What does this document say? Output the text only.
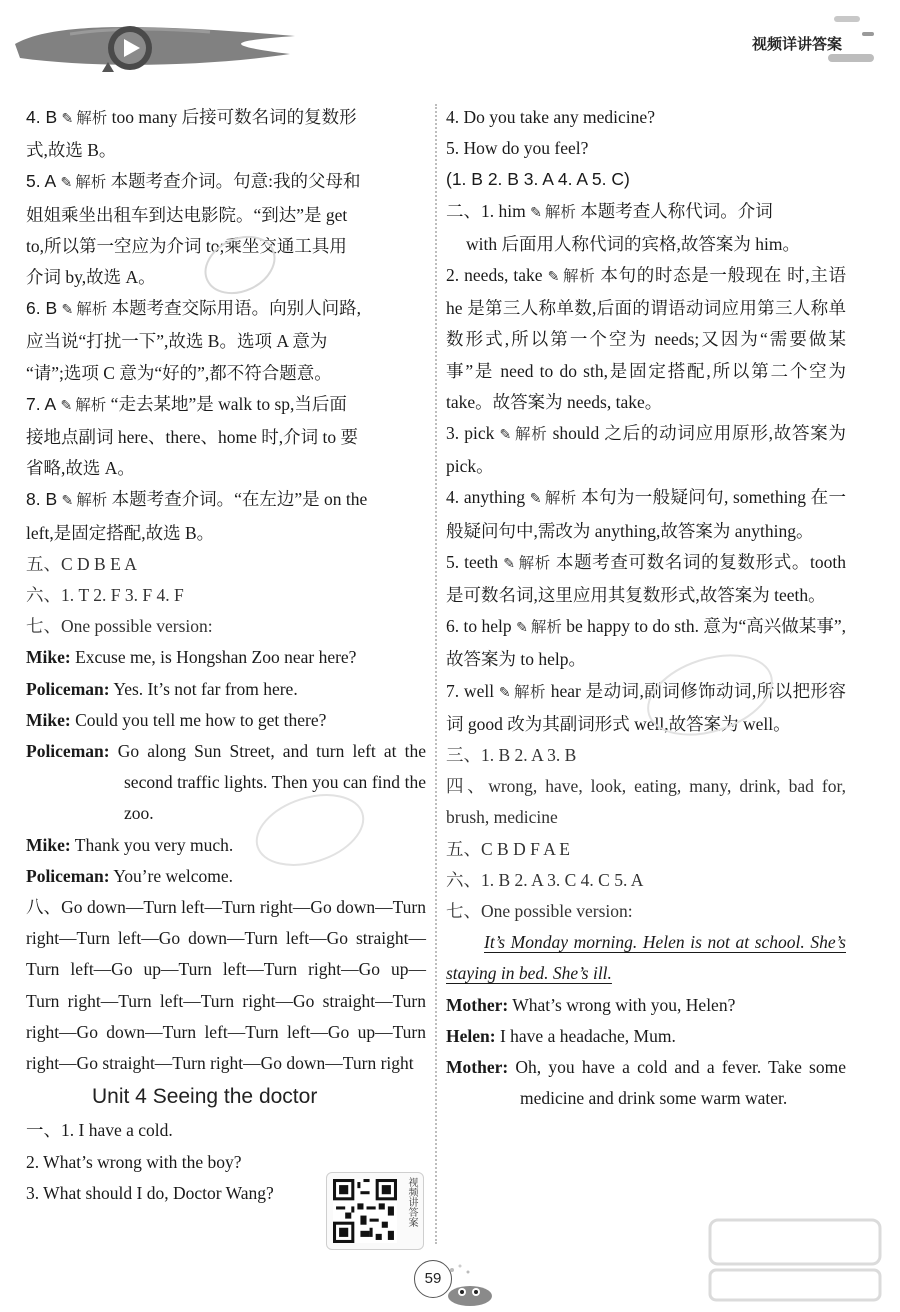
视频详讲答案

4. B ✎ 解析 too many 后接可数名词的复数形
式,故选 B。

5. A ✎ 解析 本题考查介词。句意:我的父母和
姐姐乘坐出租车到达电影院。“到达”是 get
to,所以第一空应为介词 to;乘坐交通工具用
介词 by,故选 A。

6. B ✎ 解析 本题考查交际用语。向别人问路,
应当说“打扰一下”,故选 B。选项 A 意为
“请”;选项 C 意为“好的”,都不符合题意。

7. A ✎ 解析 “走去某地”是 walk to sp,当后面
接地点副词 here、there、home 时,介词 to 要
省略,故选 A。

8. B ✎ 解析 本题考查介词。“在左边”是 on the
left,是固定搭配,故选 B。

五、C D B E A

六、1. T 2. F 3. F 4. F

七、One possible version:

Mike: Excuse me, is Hongshan Zoo near here?

Policeman: Yes. It’s not far from here.

Mike: Could you tell me how to get there?

Policeman: Go along Sun Street, and turn left at the second traffic lights. Then you can find the zoo.

Mike: Thank you very much.

Policeman: You’re welcome.

八、Go down—Turn left—Turn right—Go down—Turn right—Turn left—Go down—Turn left—Go straight—Turn left—Go up—Turn left—Turn right—Go up—Turn right—Turn left—Turn right—Go straight—Turn right—Go down—Turn left—Turn left—Go up—Turn right—Go straight—Turn right—Go down—Turn right

Unit 4 Seeing the doctor

一、1. I have a cold.

2. What’s wrong with the boy?

3. What should I do, Doctor Wang?	视频讲答案

4. Do you take any medicine?

5. How do you feel?

(1. B 2. B 3. A 4. A 5. C)

二、1. him ✎ 解析 本题考查人称代词。介词
with 后面用人称代词的宾格,故答案为 him。

2. needs, take ✎ 解析 本句的时态是一般现在 时,主语 he 是第三人称单数,后面的谓语动词应用第三人称单数形式,所以第一个空为 needs;又因为“需要做某事”是 need to do sth,是固定搭配,所以第二个空为 take。故答案为 needs, take。

3. pick ✎ 解析 should 之后的动词应用原形,故答案为 pick。

4. anything ✎ 解析 本句为一般疑问句, something 在一般疑问句中,需改为 anything,故答案为 anything。

5. teeth ✎ 解析 本题考查可数名词的复数形式。tooth 是可数名词,这里应用其复数形式,故答案为 teeth。

6. to help ✎ 解析 be happy to do sth. 意为“高兴做某事”,故答案为 to help。

7. well ✎ 解析 hear 是动词,副词修饰动词,所以把形容词 good 改为其副词形式 well,故答案为 well。

三、1. B 2. A 3. B

四、wrong, have, look, eating, many, drink, bad for, brush, medicine

五、C B D F A E

六、1. B 2. A 3. C 4. C 5. A

七、One possible version:

It’s Monday morning. Helen is not at school. She’s staying in bed. She’s ill.

Mother: What’s wrong with you, Helen?

Helen: I have a headache, Mum.

Mother: Oh, you have a cold and a fever. Take some medicine and drink some warm water.

59
